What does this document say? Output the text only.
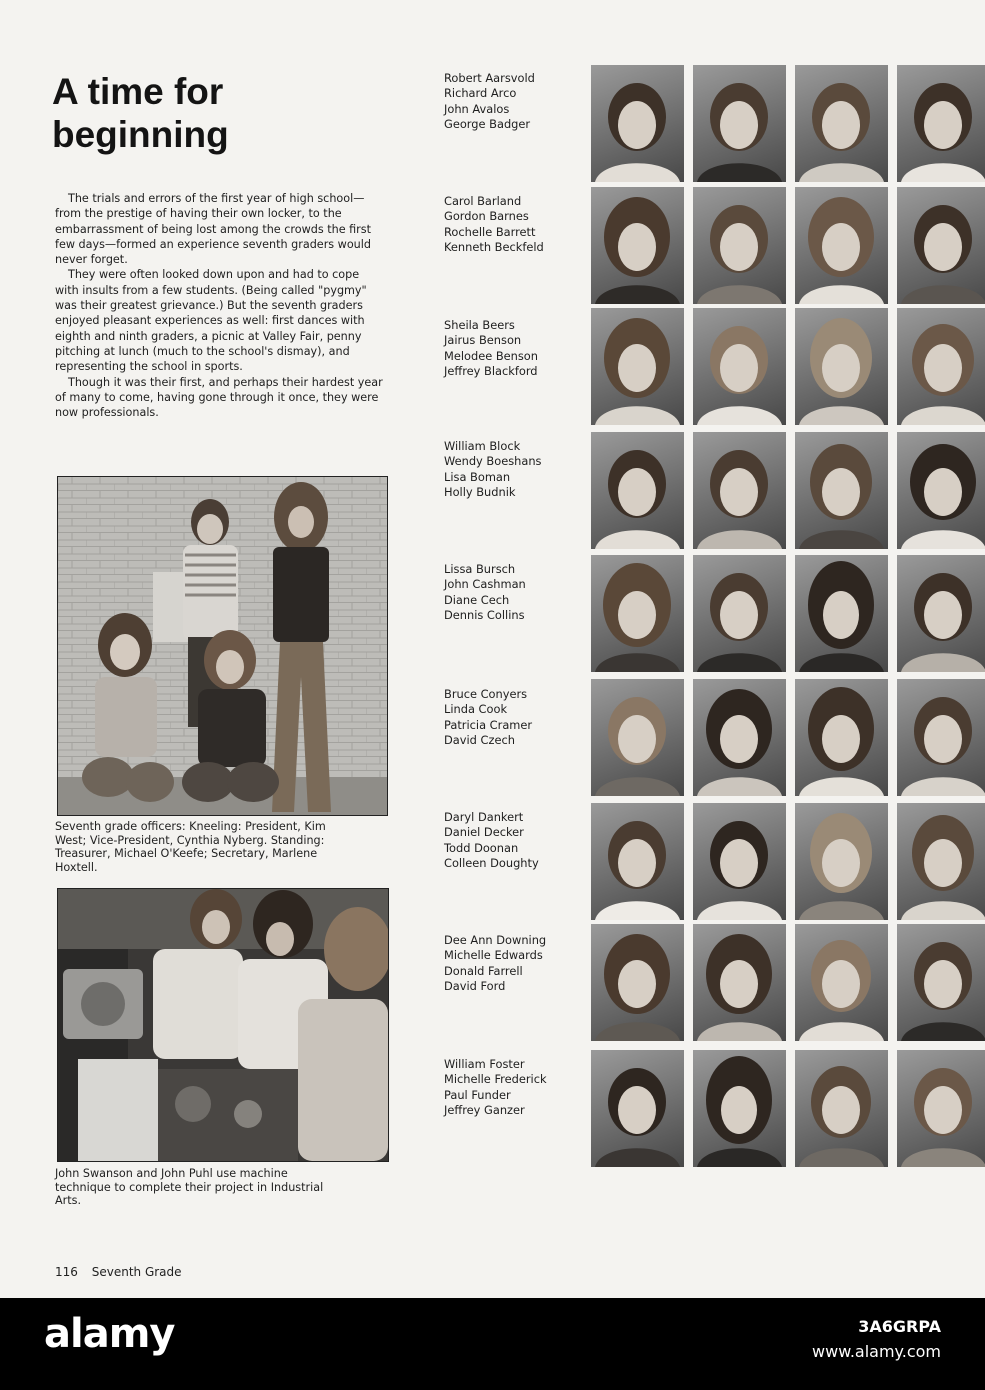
A time for
beginning

The trials and errors of the first year of high school—from the prestige of having their own locker, to the embarrassment of being lost among the crowds the first few days—formed an experience seventh graders would never forget.

They were often looked down upon and had to cope with insults from a few students. (Being called "pygmy" was their greatest grievance.) But the seventh graders enjoyed pleasant experiences as well: first dances with eighth and ninth graders, a picnic at Valley Fair, penny pitching at lunch (much to the school's dismay), and representing the school in sports.

Though it was their first, and perhaps their hardest year of many to come, having gone through it once, they were now professionals.

Seventh grade officers: Kneeling: President, Kim West; Vice-President, Cynthia Nyberg. Standing: Treasurer, Michael O'Keefe; Secretary, Marlene Hoxtell.

John Swanson and John Puhl use machine technique to complete their project in Industrial Arts.

116 Seventh Grade
Robert Aarsvold
Richard Arco
John Avalos
George Badger
Carol Barland
Gordon Barnes
Rochelle Barrett
Kenneth Beckfeld
Sheila Beers
Jairus Benson
Melodee Benson
Jeffrey Blackford
William Block
Wendy Boeshans
Lisa Boman
Holly Budnik
Lissa Bursch
John Cashman
Diane Cech
Dennis Collins
Bruce Conyers
Linda Cook
Patricia Cramer
David Czech
Daryl Dankert
Daniel Decker
Todd Doonan
Colleen Doughty
Dee Ann Downing
Michelle Edwards
Donald Farrell
David Ford
William Foster
Michelle Frederick
Paul Funder
Jeffrey Ganzer
alamy	3A6GRPA
www.alamy.com
